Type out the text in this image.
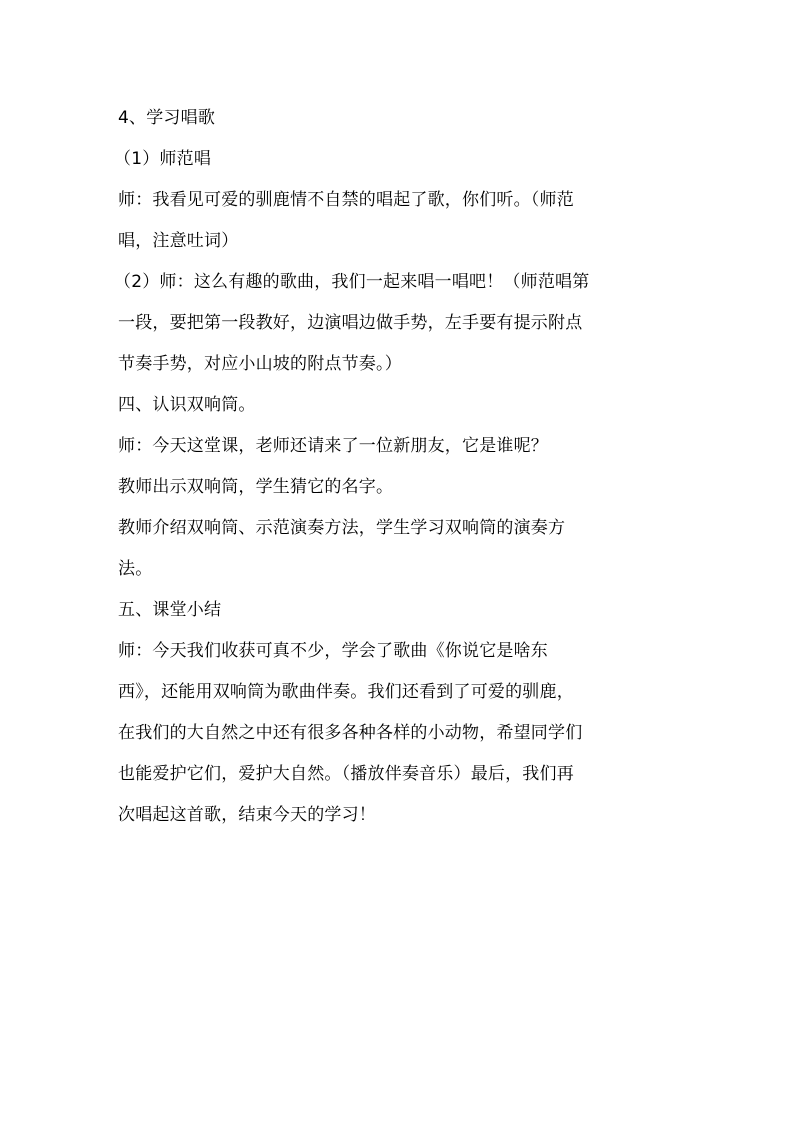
4、学习唱歌
（1）师范唱
师：我看见可爱的驯鹿情不自禁的唱起了歌，你们听。（师范
唱，注意吐词）
（2）师：这么有趣的歌曲，我们一起来唱一唱吧！（师范唱第
一段，要把第一段教好，边演唱边做手势，左手要有提示附点
节奏手势，对应小山坡的附点节奏。）
四、认识双响筒。
师：今天这堂课，老师还请来了一位新朋友，它是谁呢？
教师出示双响筒，学生猜它的名字。
教师介绍双响筒、示范演奏方法，学生学习双响筒的演奏方
法。
五、课堂小结
师：今天我们收获可真不少，学会了歌曲《你说它是啥东
西》，还能用双响筒为歌曲伴奏。我们还看到了可爱的驯鹿，
在我们的大自然之中还有很多各种各样的小动物，希望同学们
也能爱护它们，爱护大自然。（播放伴奏音乐）最后，我们再
次唱起这首歌，结束今天的学习！
